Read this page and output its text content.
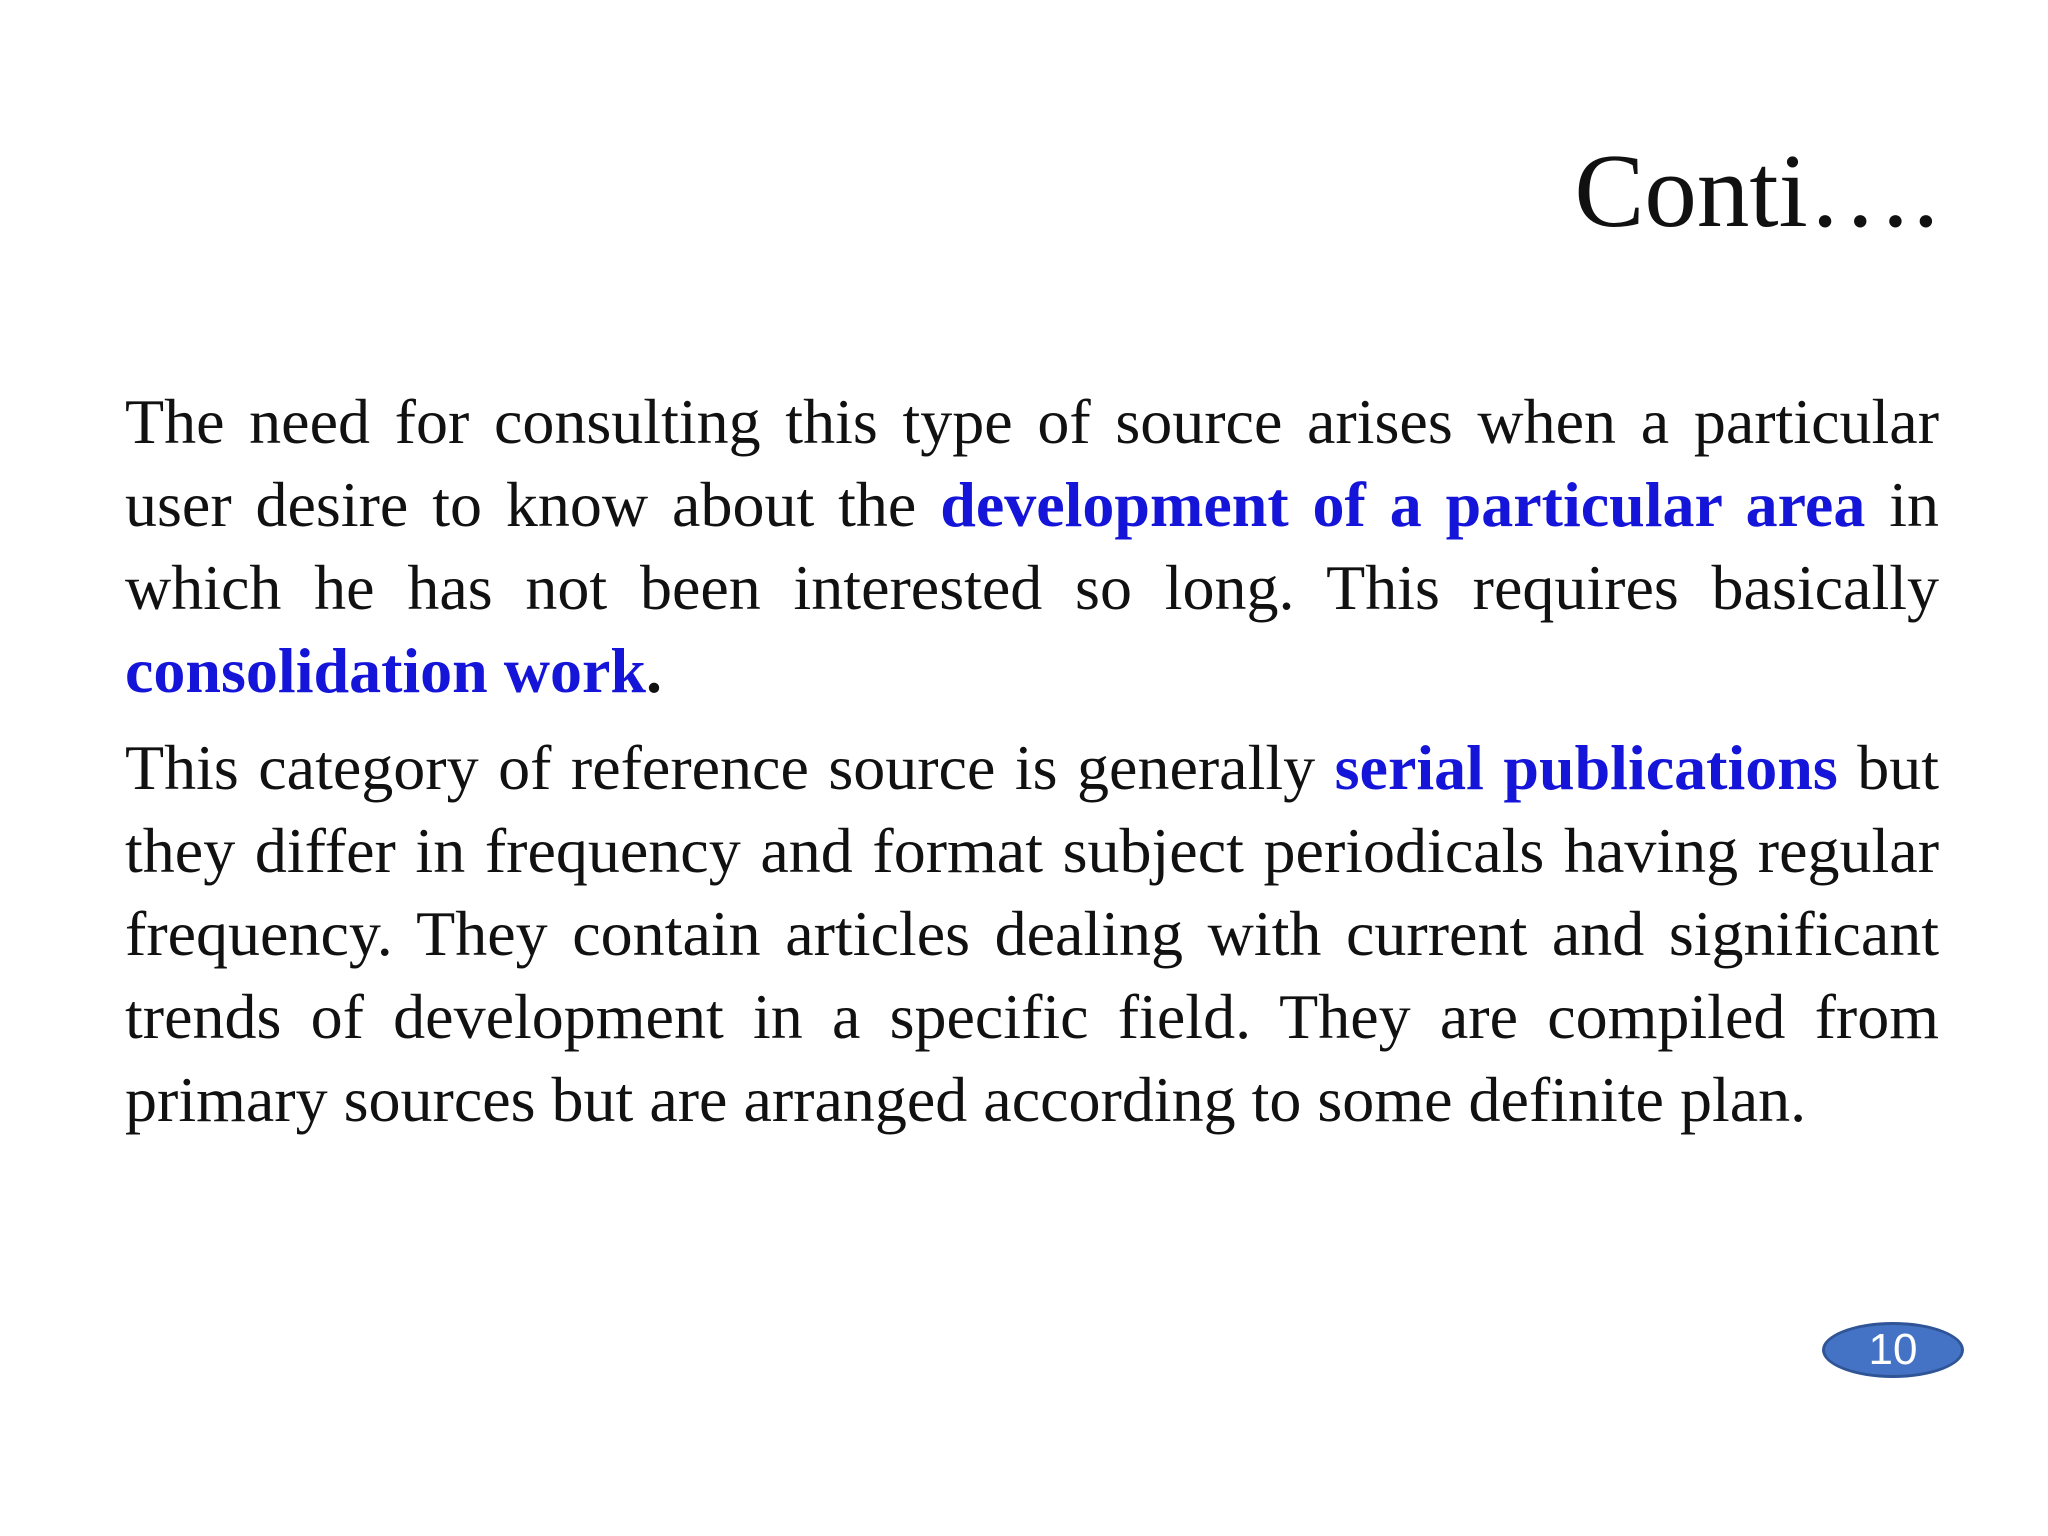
Conti….

The need for consulting this type of source arises when a particular user desire to know about the development of a particular area in which he has not been interested so long. This requires basically consolidation work.

This category of reference source is generally serial publications but they differ in frequency and format subject periodicals having regular frequency. They contain articles dealing with current and significant trends of development in a specific field. They are compiled from primary sources but are arranged according to some definite plan.

10
